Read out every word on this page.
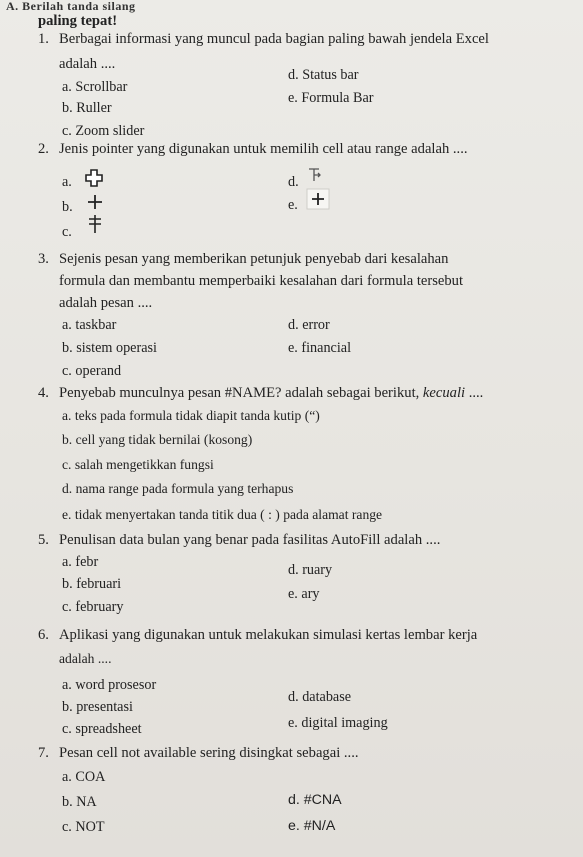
A. Berilah tanda silang
paling tepat!
1. Berbagai informasi yang muncul pada bagian paling bawah jendela Excel
adalah ....
a. Scrollbar
b. Ruller
c. Zoom slider
d. Status bar
e. Formula Bar
2. Jenis pointer yang digunakan untuk memilih cell atau range adalah ....
a.
b.
c.
d.
e.
3. Sejenis pesan yang memberikan petunjuk penyebab dari kesalahan
formula dan membantu memperbaiki kesalahan dari formula tersebut
adalah pesan ....
a. taskbar
b. sistem operasi
c. operand
d. error
e. financial
4. Penyebab munculnya pesan #NAME? adalah sebagai berikut, kecuali ....
a. teks pada formula tidak diapit tanda kutip (“)
b. cell yang tidak bernilai (kosong)
c. salah mengetikkan fungsi
d. nama range pada formula yang terhapus
e. tidak menyertakan tanda titik dua ( : ) pada alamat range
5. Penulisan data bulan yang benar pada fasilitas AutoFill adalah ....
a. febr
b. februari
c. february
d. ruary
e. ary
6. Aplikasi yang digunakan untuk melakukan simulasi kertas lembar kerja
adalah ....
a. word prosesor
b. presentasi
c. spreadsheet
d. database
e. digital imaging
7. Pesan cell not available sering disingkat sebagai ....
a. COA
b. NA
c. NOT
d. #CNA
e. #N/A
